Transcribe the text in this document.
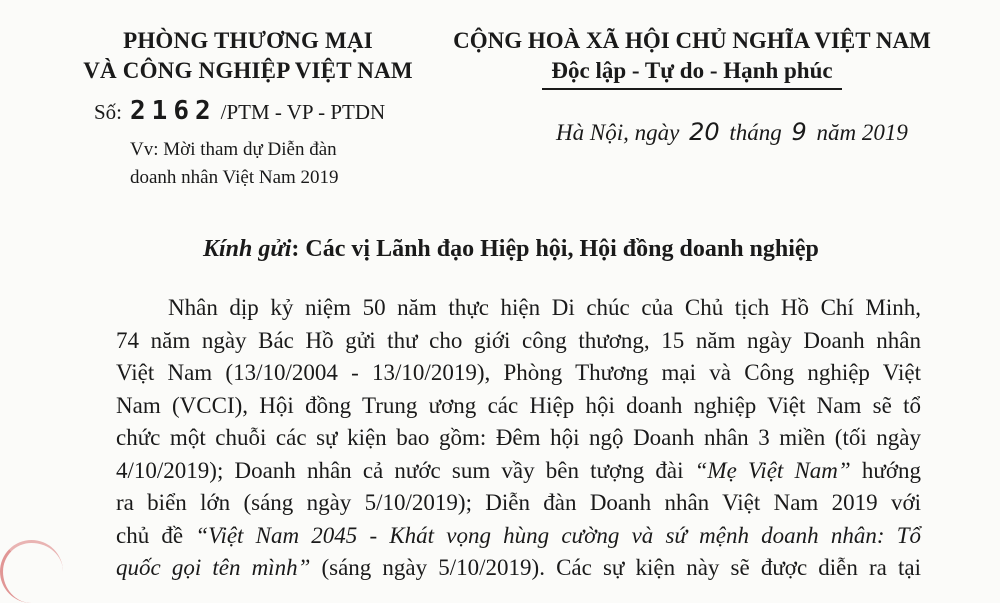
PHÒNG THƯƠNG MẠI
VÀ CÔNG NGHIỆP VIỆT NAM
CỘNG HOÀ XÃ HỘI CHỦ NGHĨA VIỆT NAM
Độc lập - Tự do - Hạnh phúc
Số: 2162 /PTM - VP - PTDN
Vv: Mời tham dự Diễn đàn
doanh nhân Việt Nam 2019
Hà Nội, ngày 20 tháng 9 năm 2019
Kính gửi: Các vị Lãnh đạo Hiệp hội, Hội đồng doanh nghiệp
Nhân dịp kỷ niệm 50 năm thực hiện Di chúc của Chủ tịch Hồ Chí Minh,
74 năm ngày Bác Hồ gửi thư cho giới công thương, 15 năm ngày Doanh nhân
Việt Nam (13/10/2004 - 13/10/2019), Phòng Thương mại và Công nghiệp Việt
Nam (VCCI), Hội đồng Trung ương các Hiệp hội doanh nghiệp Việt Nam sẽ tổ
chức một chuỗi các sự kiện bao gồm: Đêm hội ngộ Doanh nhân 3 miền (tối ngày
4/10/2019); Doanh nhân cả nước sum vầy bên tượng đài “Mẹ Việt Nam” hướng
ra biển lớn (sáng ngày 5/10/2019); Diễn đàn Doanh nhân Việt Nam 2019 với
chủ đề “Việt Nam 2045 - Khát vọng hùng cường và sứ mệnh doanh nhân: Tổ
quốc gọi tên mình” (sáng ngày 5/10/2019). Các sự kiện này sẽ được diễn ra tại
